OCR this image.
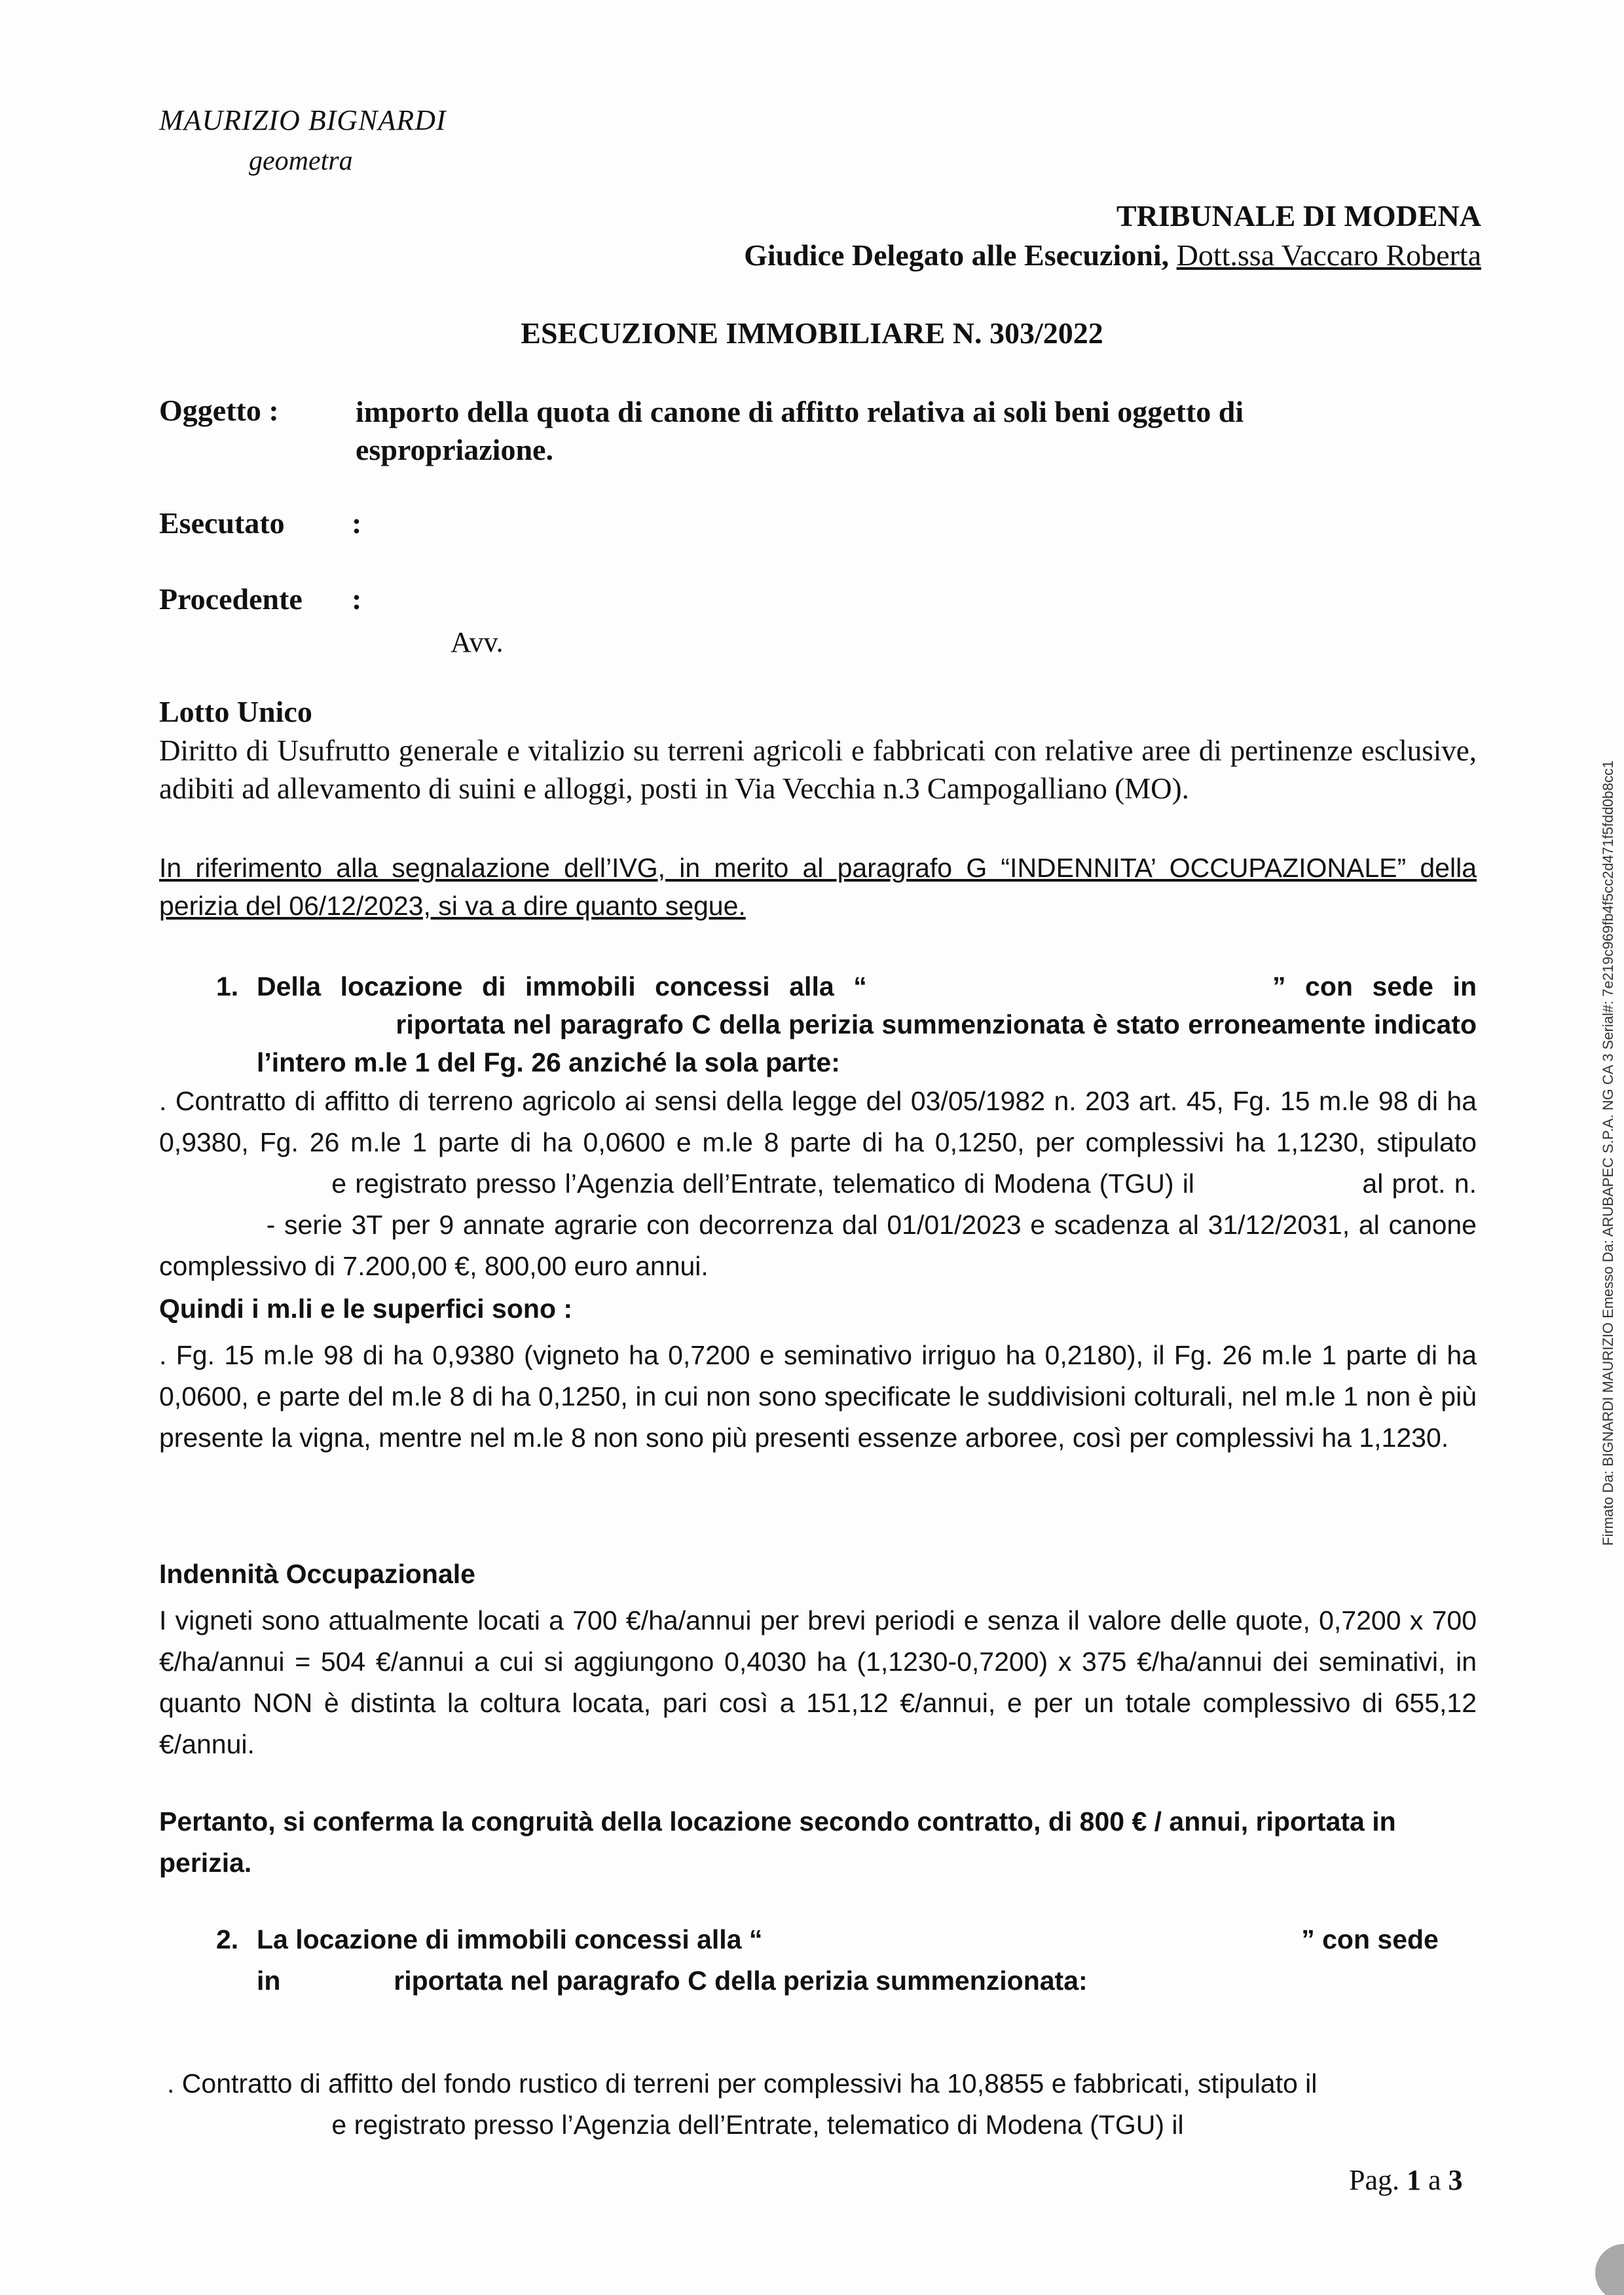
MAURIZIO BIGNARDI
geometra
TRIBUNALE DI MODENA
Giudice Delegato alle Esecuzioni, Dott.ssa Vaccaro Roberta
ESECUZIONE IMMOBILIARE N. 303/2022
Oggetto :	importo della quota di canone di affitto relativa ai soli beni oggetto di espropriazione.
Esecutato :
Procedente :
Avv.
Lotto Unico
Diritto di Usufrutto generale e vitalizio su terreni agricoli e fabbricati con relative aree di pertinenze esclusive, adibiti ad allevamento di suini e alloggi, posti in Via Vecchia n.3 Campogalliano (MO).
In riferimento alla segnalazione dell’IVG, in merito al paragrafo G “INDENNITA’ OCCUPAZIONALE” della perizia del 06/12/2023, si va a dire quanto segue.
1. Della locazione di immobili concessi alla “	” con sede in  riportata nel paragrafo C della perizia summenzionata è stato erroneamente indicato l’intero m.le 1 del Fg. 26 anziché la sola parte:
. Contratto di affitto di terreno agricolo ai sensi della legge del 03/05/1982 n. 203 art. 45, Fg. 15 m.le 98 di ha 0,9380, Fg. 26 m.le 1 parte di ha 0,0600 e m.le 8 parte di ha 0,1250, per complessivi ha 1,1230, stipulato  e registrato presso l’Agenzia dell’Entrate, telematico di Modena (TGU) il	al prot. n.  - serie 3T per 9 annate agrarie con decorrenza dal 01/01/2023 e scadenza al 31/12/2031, al canone complessivo di 7.200,00 €, 800,00 euro annui.
Quindi i m.li e le superfici sono :
. Fg. 15 m.le 98 di ha 0,9380 (vigneto ha 0,7200 e seminativo irriguo ha 0,2180), il Fg. 26 m.le 1 parte di ha 0,0600, e parte del m.le 8 di ha 0,1250, in cui non sono specificate le suddivisioni colturali, nel m.le 1 non è più presente la vigna, mentre nel m.le 8 non sono più presenti essenze arboree, così per complessivi ha 1,1230.
Indennità Occupazionale
I vigneti sono attualmente locati a 700 €/ha/annui per brevi periodi e senza il valore delle quote, 0,7200 x 700 €/ha/annui = 504 €/annui a cui si aggiungono 0,4030 ha (1,1230-0,7200) x 375 €/ha/annui dei seminativi, in quanto NON è distinta la coltura locata, pari così a 151,12 €/annui, e per un totale complessivo di 655,12 €/annui.
Pertanto, si conferma la congruità della locazione secondo contratto, di 800 € / annui, riportata in perizia.
2. La locazione di immobili concessi alla “	” con sede
in	riportata nel paragrafo C della perizia summenzionata:
. Contratto di affitto del fondo rustico di terreni per complessivi ha 10,8855 e fabbricati, stipulato il
e registrato presso l’Agenzia dell’Entrate, telematico di Modena (TGU) il
Pag. 1 a 3
Firmato Da: BIGNARDI MAURIZIO Emesso Da: ARUBAPEC S.P.A. NG CA 3 Serial#: 7e219c969fb4f5cc2d471f5fdd0b8cc1
